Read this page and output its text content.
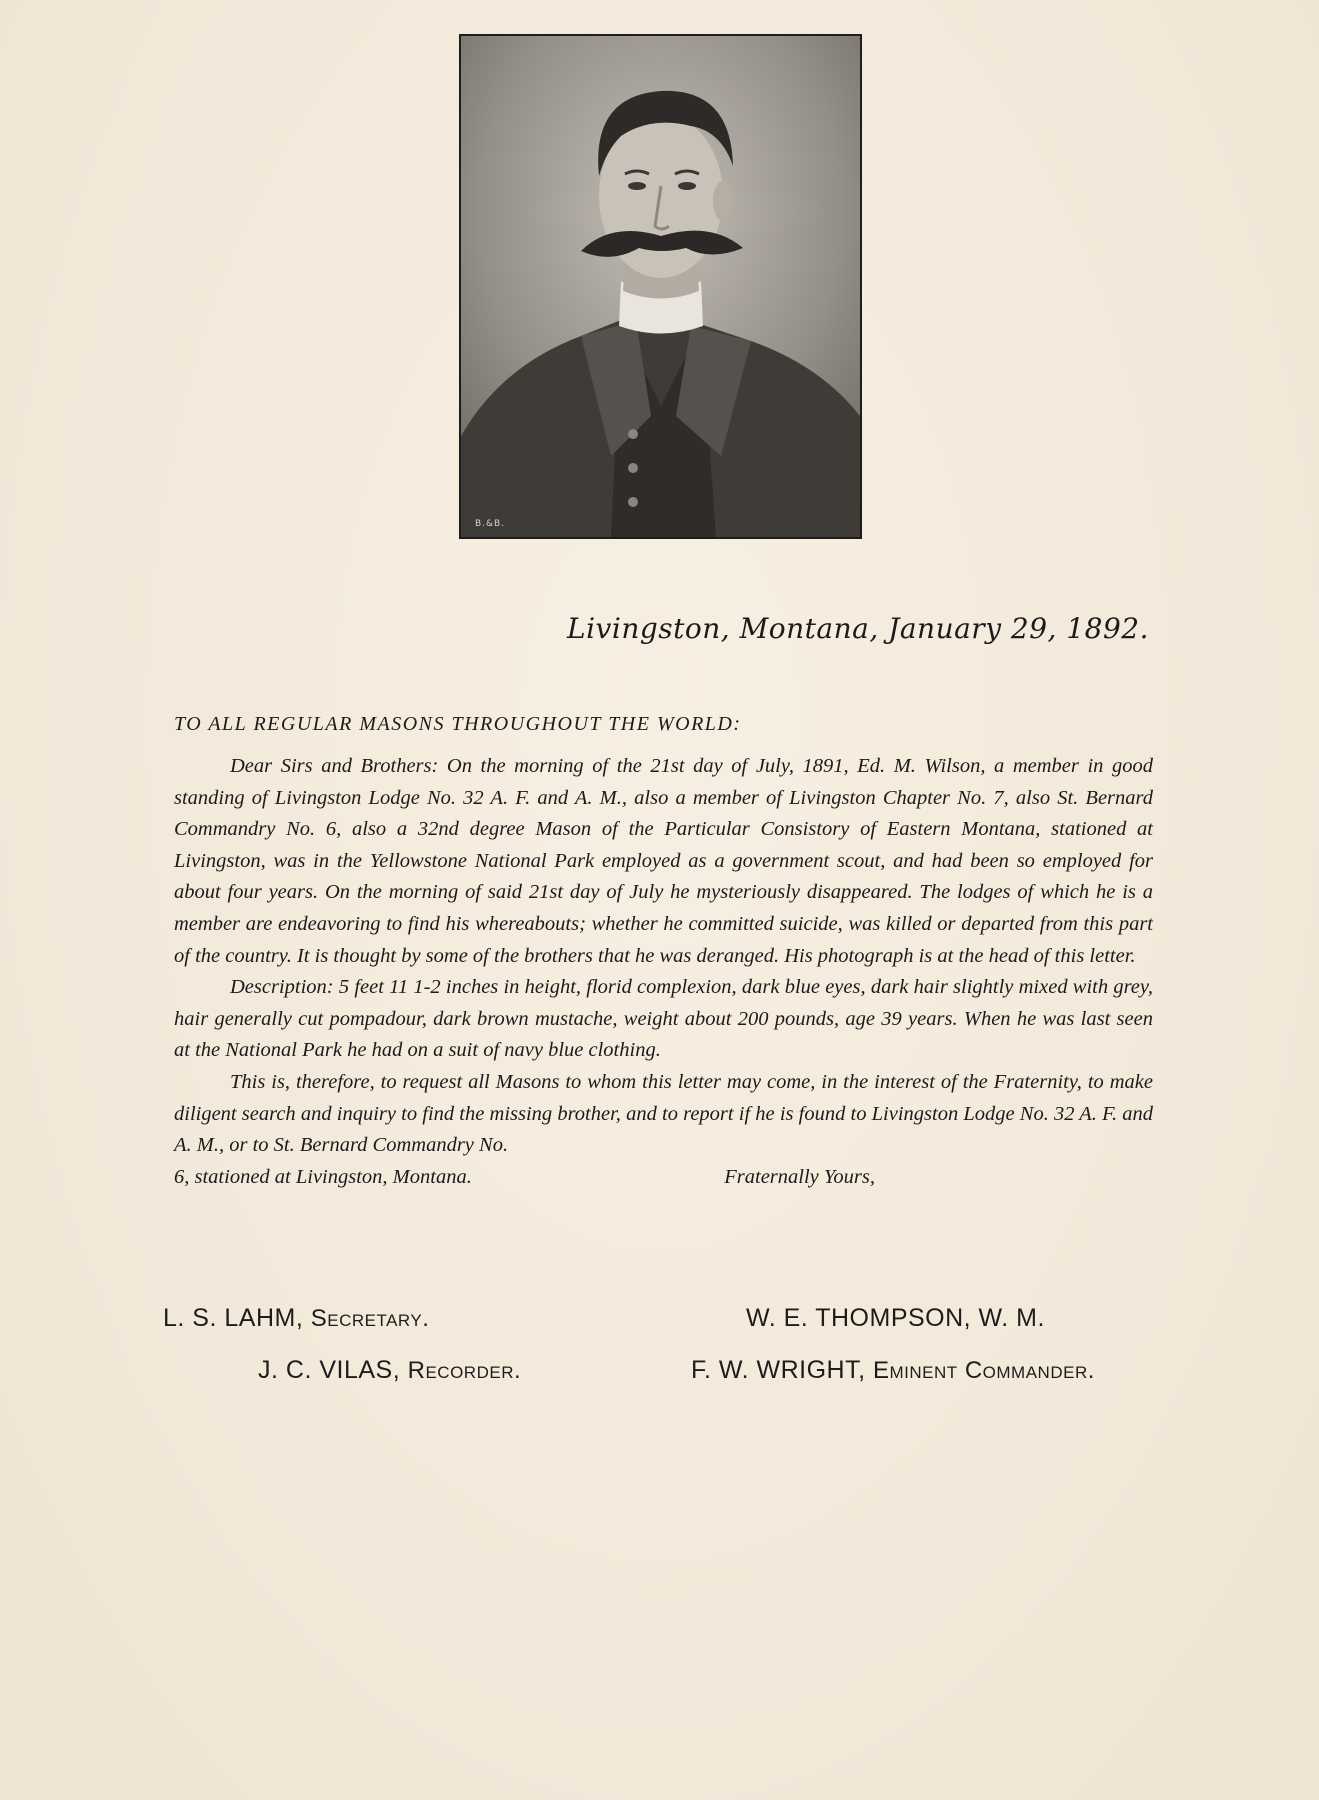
B.&B.
Livingston, Montana, January 29, 1892.
TO ALL REGULAR MASONS THROUGHOUT THE WORLD:

Dear Sirs and Brothers: On the morning of the 21st day of July, 1891, Ed. M. Wilson, a member in good standing of Livingston Lodge No. 32 A. F. and A. M., also a member of Livingston Chapter No. 7, also St. Bernard Commandry No. 6, also a 32nd degree Mason of the Particular Consistory of Eastern Montana, stationed at Livingston, was in the Yellowstone National Park employed as a government scout, and had been so employed for about four years. On the morning of said 21st day of July he mysteriously disappeared. The lodges of which he is a member are endeavoring to find his whereabouts; whether he committed suicide, was killed or departed from this part of the country. It is thought by some of the brothers that he was deranged. His photograph is at the head of this letter.

Description: 5 feet 11 1-2 inches in height, florid complexion, dark blue eyes, dark hair slightly mixed with grey, hair generally cut pompadour, dark brown mustache, weight about 200 pounds, age 39 years. When he was last seen at the National Park he had on a suit of navy blue clothing.

This is, therefore, to request all Masons to whom this letter may come, in the interest of the Fraternity, to make diligent search and inquiry to find the missing brother, and to report if he is found to Livingston Lodge No. 32 A. F. and A. M., or to St. Bernard Commandry No.

6, stationed at Livingston, Montana.	Fraternally Yours,
L. S. LAHM, Secretary.	W. E. THOMPSON, W. M.
J. C. VILAS, Recorder.	F. W. WRIGHT, Eminent Commander.
